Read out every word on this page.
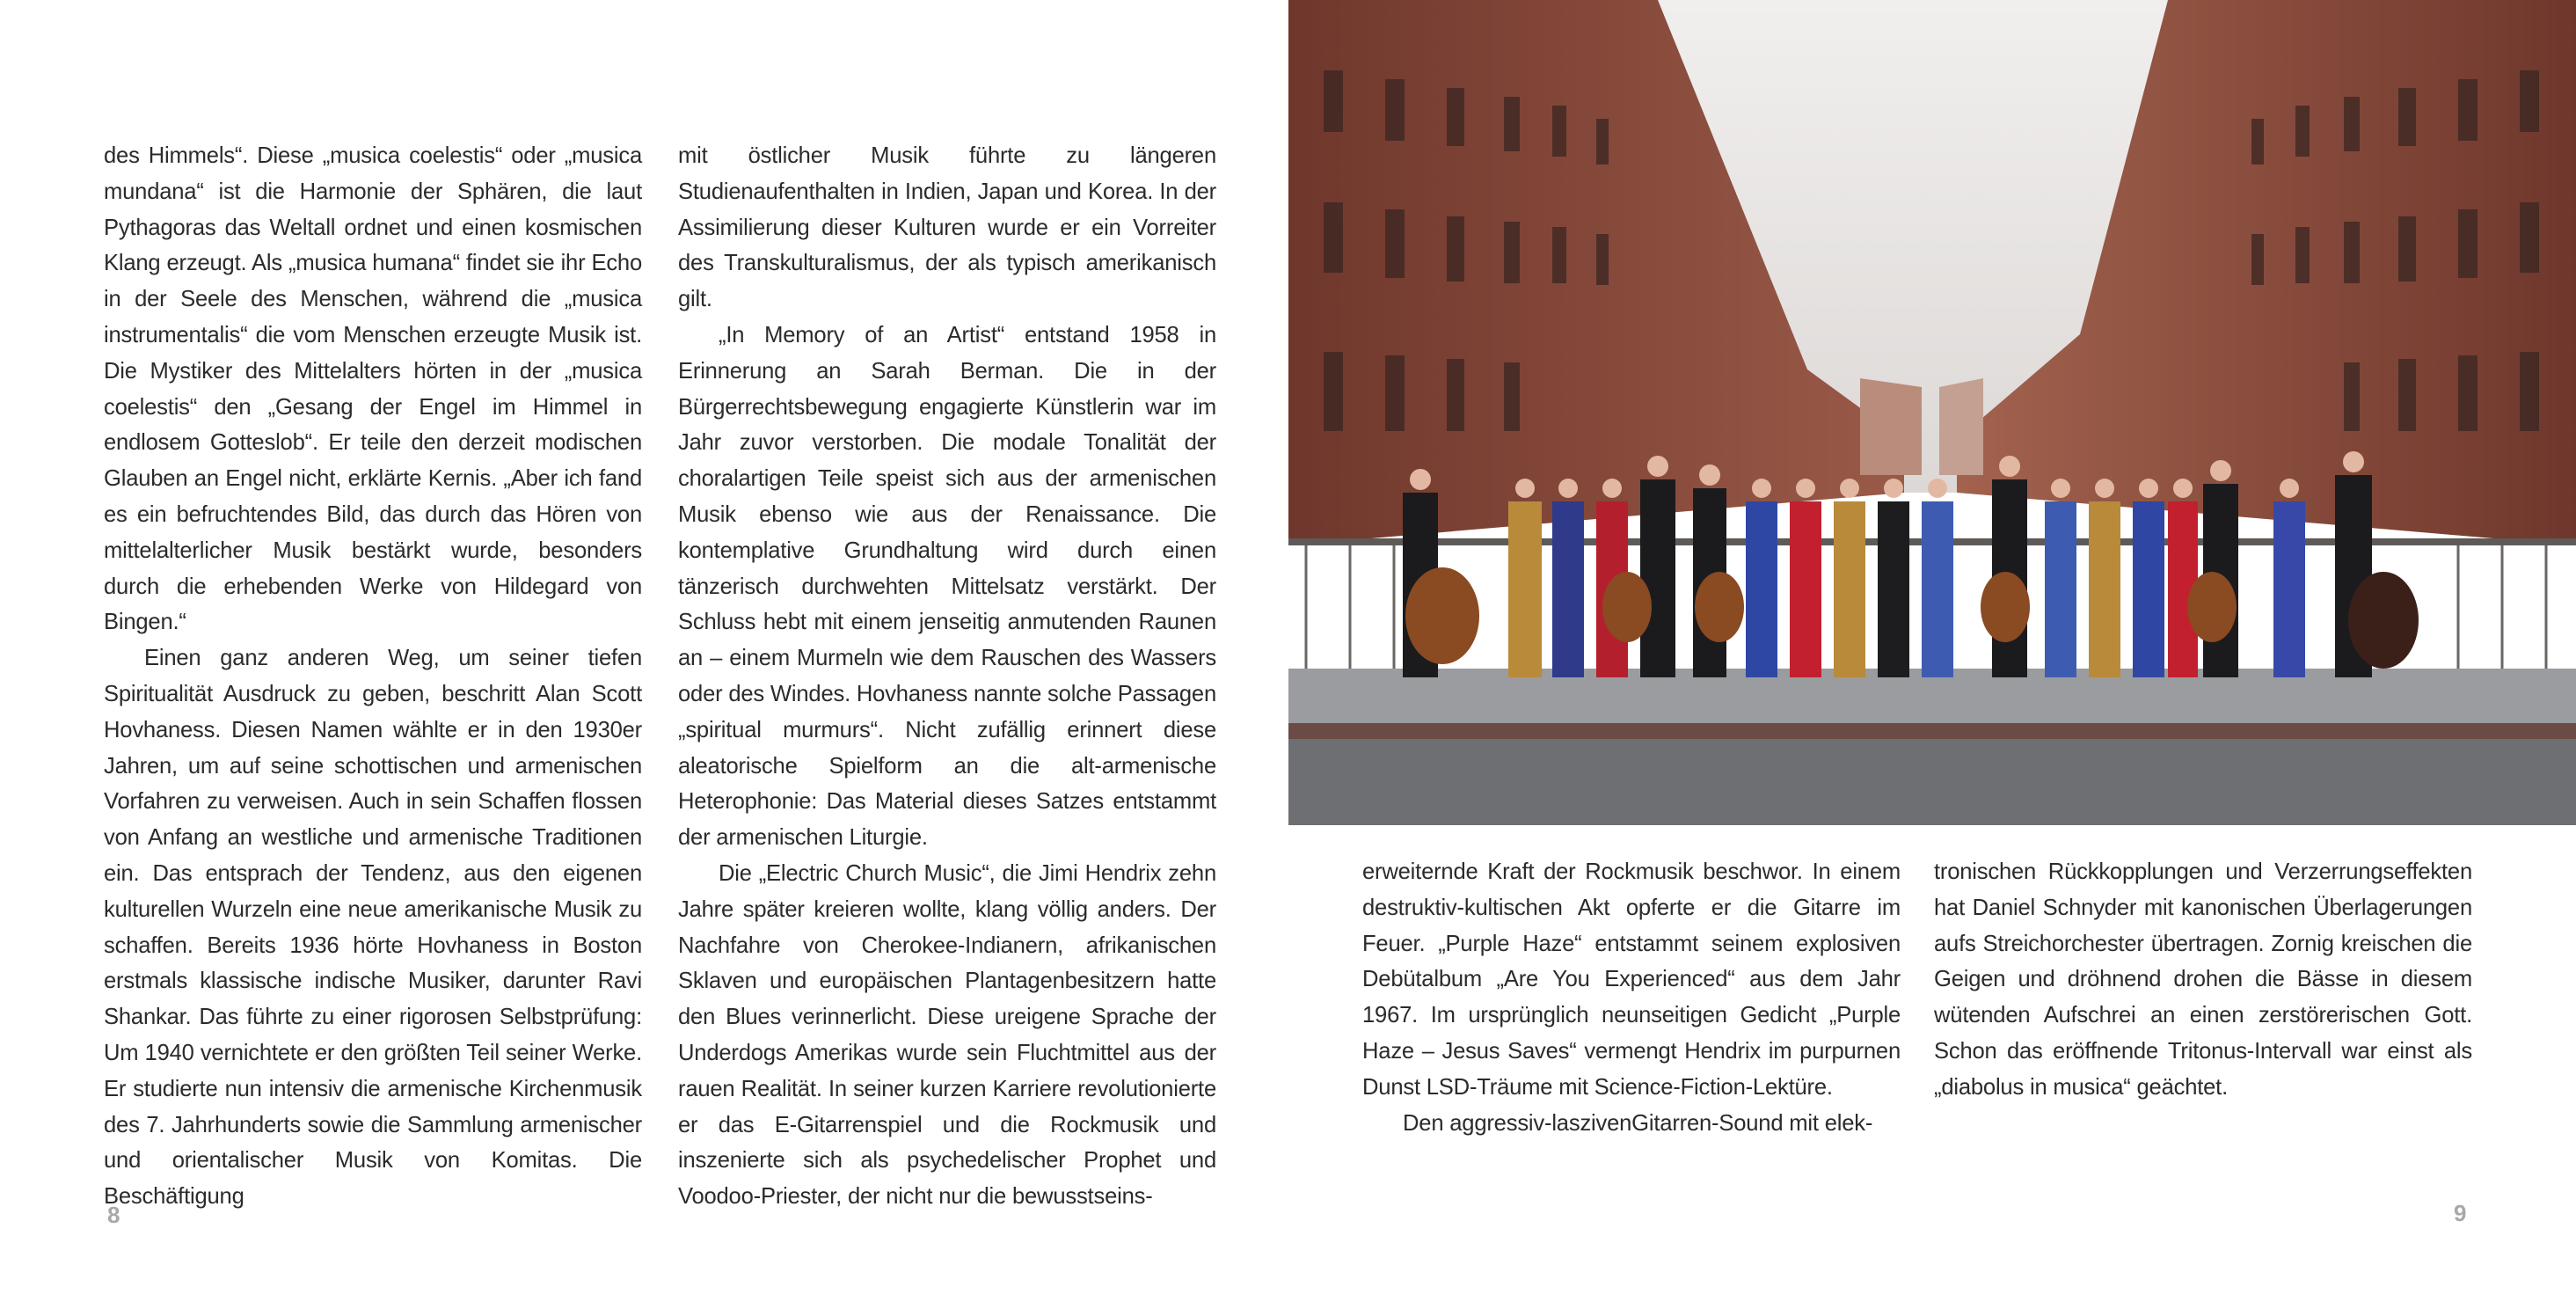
des Himmels“. Diese „musica coelestis“ oder „musica mundana“ ist die Harmonie der Sphären, die laut Pythagoras das Weltall ordnet und einen kosmischen Klang erzeugt. Als „musica humana“ findet sie ihr Echo in der Seele des Menschen, während die „musica instrumentalis“ die vom Menschen erzeugte Musik ist. Die Mystiker des Mittelalters hörten in der „musica coelestis“ den „Gesang der Engel im Himmel in endlosem Gotteslob“. Er teile den derzeit modischen Glauben an Engel nicht, erklärte Kernis. „Aber ich fand es ein befruchtendes Bild, das durch das Hören von mittelalterlicher Musik bestärkt wurde, besonders durch die erhebenden Werke von Hildegard von Bingen.“

Einen ganz anderen Weg, um seiner tiefen Spiritualität Ausdruck zu geben, beschritt Alan Scott Hovhaness. Diesen Namen wählte er in den 1930er Jahren, um auf seine schottischen und armenischen Vorfahren zu verweisen. Auch in sein Schaffen flossen von Anfang an westliche und armenische Traditionen ein. Das entsprach der Tendenz, aus den eigenen kulturellen Wurzeln eine neue amerikanische Musik zu schaffen. Bereits 1936 hörte Hovhaness in Boston erstmals klassische indische Musiker, darunter Ravi Shankar. Das führte zu einer rigorosen Selbstprüfung: Um 1940 vernichtete er den größten Teil seiner Werke. Er studierte nun intensiv die armenische Kirchenmusik des 7. Jahrhunderts sowie die Sammlung armenischer und orientalischer Musik von Komitas. Die Beschäftigung

mit östlicher Musik führte zu längeren Studienaufenthalten in Indien, Japan und Korea. In der Assimilierung dieser Kulturen wurde er ein Vorreiter des Transkulturalismus, der als typisch amerikanisch gilt.

„In Memory of an Artist“ entstand 1958 in Erinnerung an Sarah Berman. Die in der Bürgerrechtsbewegung engagierte Künstlerin war im Jahr zuvor verstorben. Die modale Tonalität der choralartigen Teile speist sich aus der armenischen Musik ebenso wie aus der Renaissance. Die kontemplative Grundhaltung wird durch einen tänzerisch durchwehten Mittelsatz verstärkt. Der Schluss hebt mit einem jenseitig anmutenden Raunen an – einem Murmeln wie dem Rauschen des Wassers oder des Windes. Hovhaness nannte solche Passagen „spiritual murmurs“. Nicht zufällig erinnert diese aleatorische Spielform an die alt-armenische Heterophonie: Das Material dieses Satzes entstammt der armenischen Liturgie.

Die „Electric Church Music“, die Jimi Hendrix zehn Jahre später kreieren wollte, klang völlig anders. Der Nachfahre von Cherokee-Indianern, afrikanischen Sklaven und europäischen Plantagenbesitzern hatte den Blues verinnerlicht. Diese ureigene Sprache der Underdogs Amerikas wurde sein Fluchtmittel aus der rauen Realität. In seiner kurzen Karriere revolutionierte er das E-Gitarrenspiel und die Rockmusik und inszenierte sich als psychedelischer Prophet und Voodoo-Priester, der nicht nur die bewusstseins-

8

erweiternde Kraft der Rockmusik beschwor. In einem destruktiv-kultischen Akt opferte er die Gitarre im Feuer. „Purple Haze“ entstammt seinem explosiven Debütalbum „Are You Experienced“ aus dem Jahr 1967. Im ursprünglich neunseitigen Gedicht „Purple Haze – Jesus Saves“ vermengt Hendrix im purpurnen Dunst LSD-Träume mit Science-Fiction-Lektüre.

Den aggressiv-laszivenGitarren-Sound mit elek-

tronischen Rückkopplungen und Verzerrungseffekten hat Daniel Schnyder mit kanonischen Überlagerungen aufs Streichorchester übertragen. Zornig kreischen die Geigen und dröhnend drohen die Bässe in diesem wütenden Aufschrei an einen zerstörerischen Gott. Schon das eröffnende Tritonus-Intervall war einst als „diabolus in musica“ geächtet.

9
